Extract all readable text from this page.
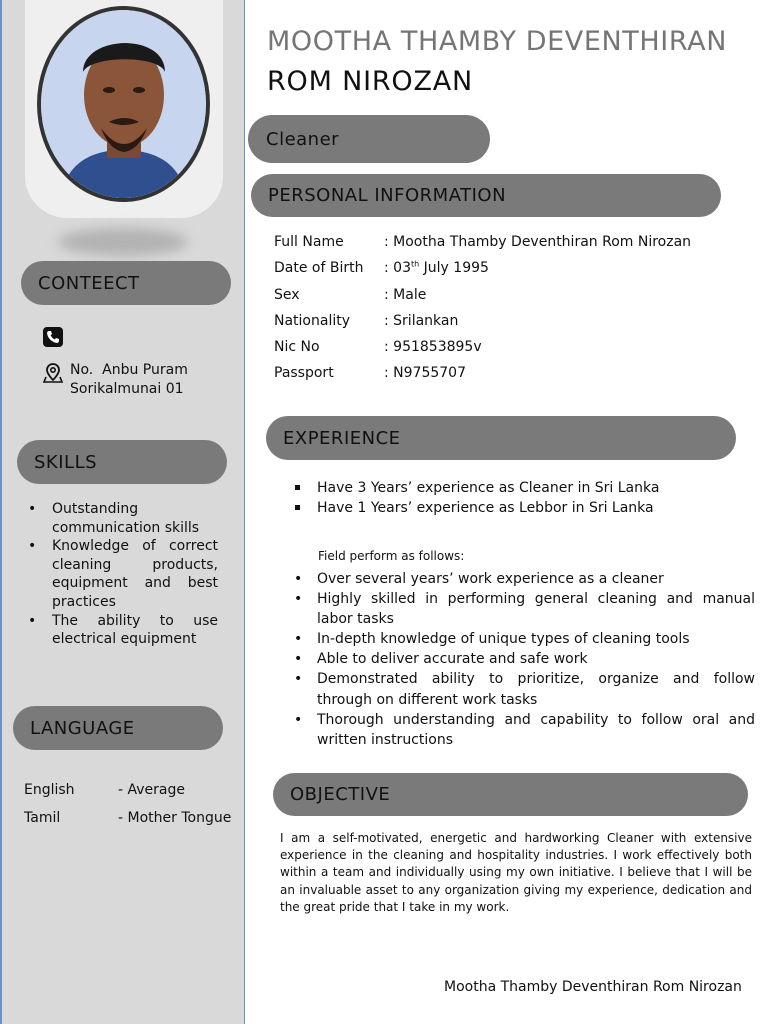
CONTEECT
No.  Anbu Puram
Sorikalmunai 01
SKILLS
• Outstanding communication skills
• Knowledge of correct cleaning products, equipment and best practices
• The ability to use electrical equipment
LANGUAGE
English	- Average
Tamil	- Mother Tongue
MOOTHA THAMBY DEVENTHIRAN
ROM NIROZAN
Cleaner
PERSONAL INFORMATION
Full Name	: Mootha Thamby Deventhiran Rom Nirozan
Date of Birth	: 03th July 1995
Sex	: Male
Nationality	: Srilankan
Nic No	: 951853895v
Passport	: N9755707
EXPERIENCE
Have 3 Years’ experience as Cleaner in Sri Lanka
Have 1 Years’ experience as Lebbor in Sri Lanka
Field perform as follows:
• Over several years’ work experience as a cleaner
• Highly skilled in performing general cleaning and manual labor tasks
• In-depth knowledge of unique types of cleaning tools
• Able to deliver accurate and safe work
• Demonstrated ability to prioritize, organize and follow through on different work tasks
• Thorough understanding and capability to follow oral and written instructions
OBJECTIVE

I am a self-motivated, energetic and hardworking Cleaner with extensive experience in the cleaning and hospitality industries. I work effectively both within a team and individually using my own initiative. I believe that I will be an invaluable asset to any organization giving my experience, dedication and the great pride that I take in my work.

Mootha Thamby Deventhiran Rom Nirozan
